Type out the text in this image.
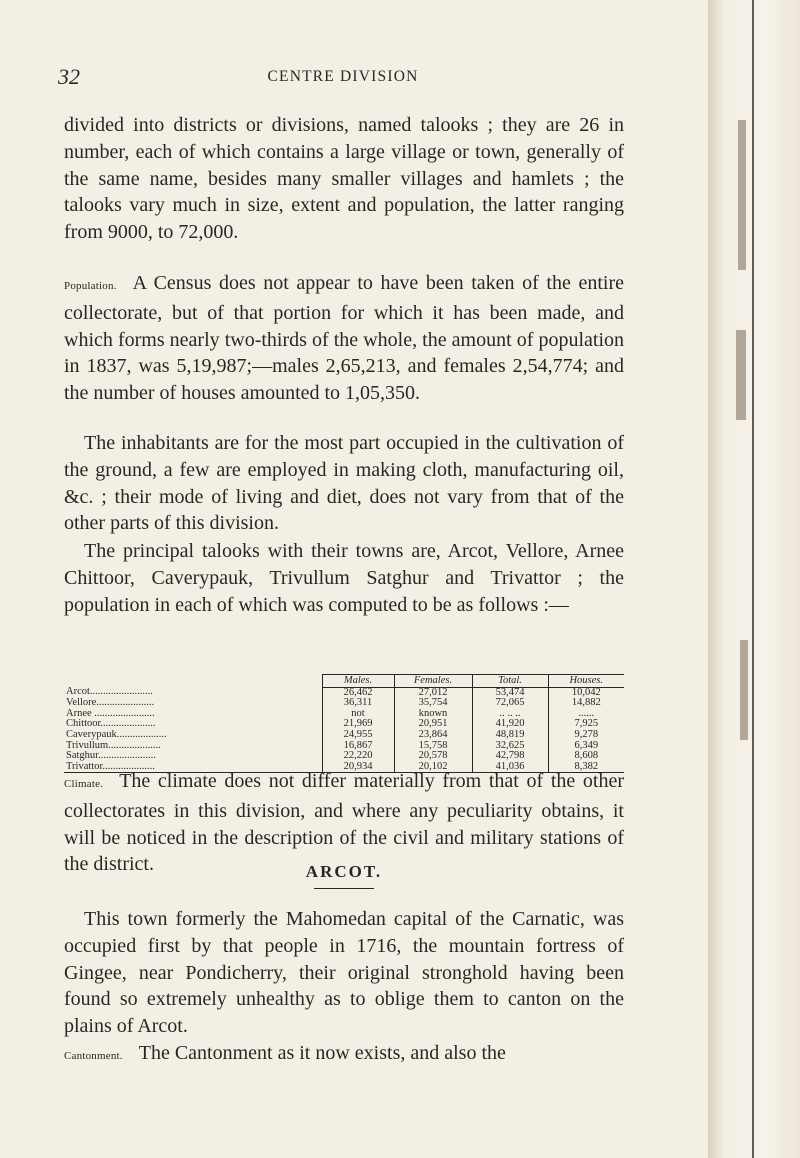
32	CENTRE DIVISION
divided into districts or divisions, named talooks ; they are 26 in number, each of which contains a large village or town, generally of the same name, besides many smaller villages and hamlets ; the talooks vary much in size, extent and population, the latter ranging from 9000, to 72,000.
Population. A Census does not appear to have been taken of the entire collectorate, but of that portion for which it has been made, and which forms nearly two-thirds of the whole, the amount of population in 1837, was 5,19,987;—males 2,65,213, and females 2,54,774; and the number of houses amounted to 1,05,350.
The inhabitants are for the most part occupied in the cultivation of the ground, a few are employed in making cloth, manufacturing oil, &c. ; their mode of living and diet, does not vary from that of the other parts of this division.
The principal talooks with their towns are, Arcot, Vellore, Arnee Chittoor, Caverypauk, Trivullum Satghur and Trivattor ; the population in each of which was computed to be as follows :—
	Males.	Females.	Total.	Houses.
Arcot........................	26,462	27,012	53,474	10,042
Vellore......................	36,311	35,754	72,065	14,882
Arnee .......................	not	known	.. .. ..	......
Chittoor.....................	21,969	20,951	41,920	7,925
Caverypauk...................	24,955	23,864	48,819	9,278
Trivullum....................	16,867	15,758	32,625	6,349
Satghur......................	22,220	20,578	42,798	8,608
Trivattor....................	20,934	20,102	41,036	8,382
Climate. The climate does not differ materially from that of the other collectorates in this division, and where any peculiarity obtains, it will be noticed in the description of the civil and military stations of the district.	ARCOT.
This town formerly the Mahomedan capital of the Carnatic, was occupied first by that people in 1716, the mountain fortress of Gingee, near Pondicherry, their original stronghold having been found so extremely unhealthy as to oblige them to canton on the plains of Arcot.
Cantonment. The Cantonment as it now exists, and also the
